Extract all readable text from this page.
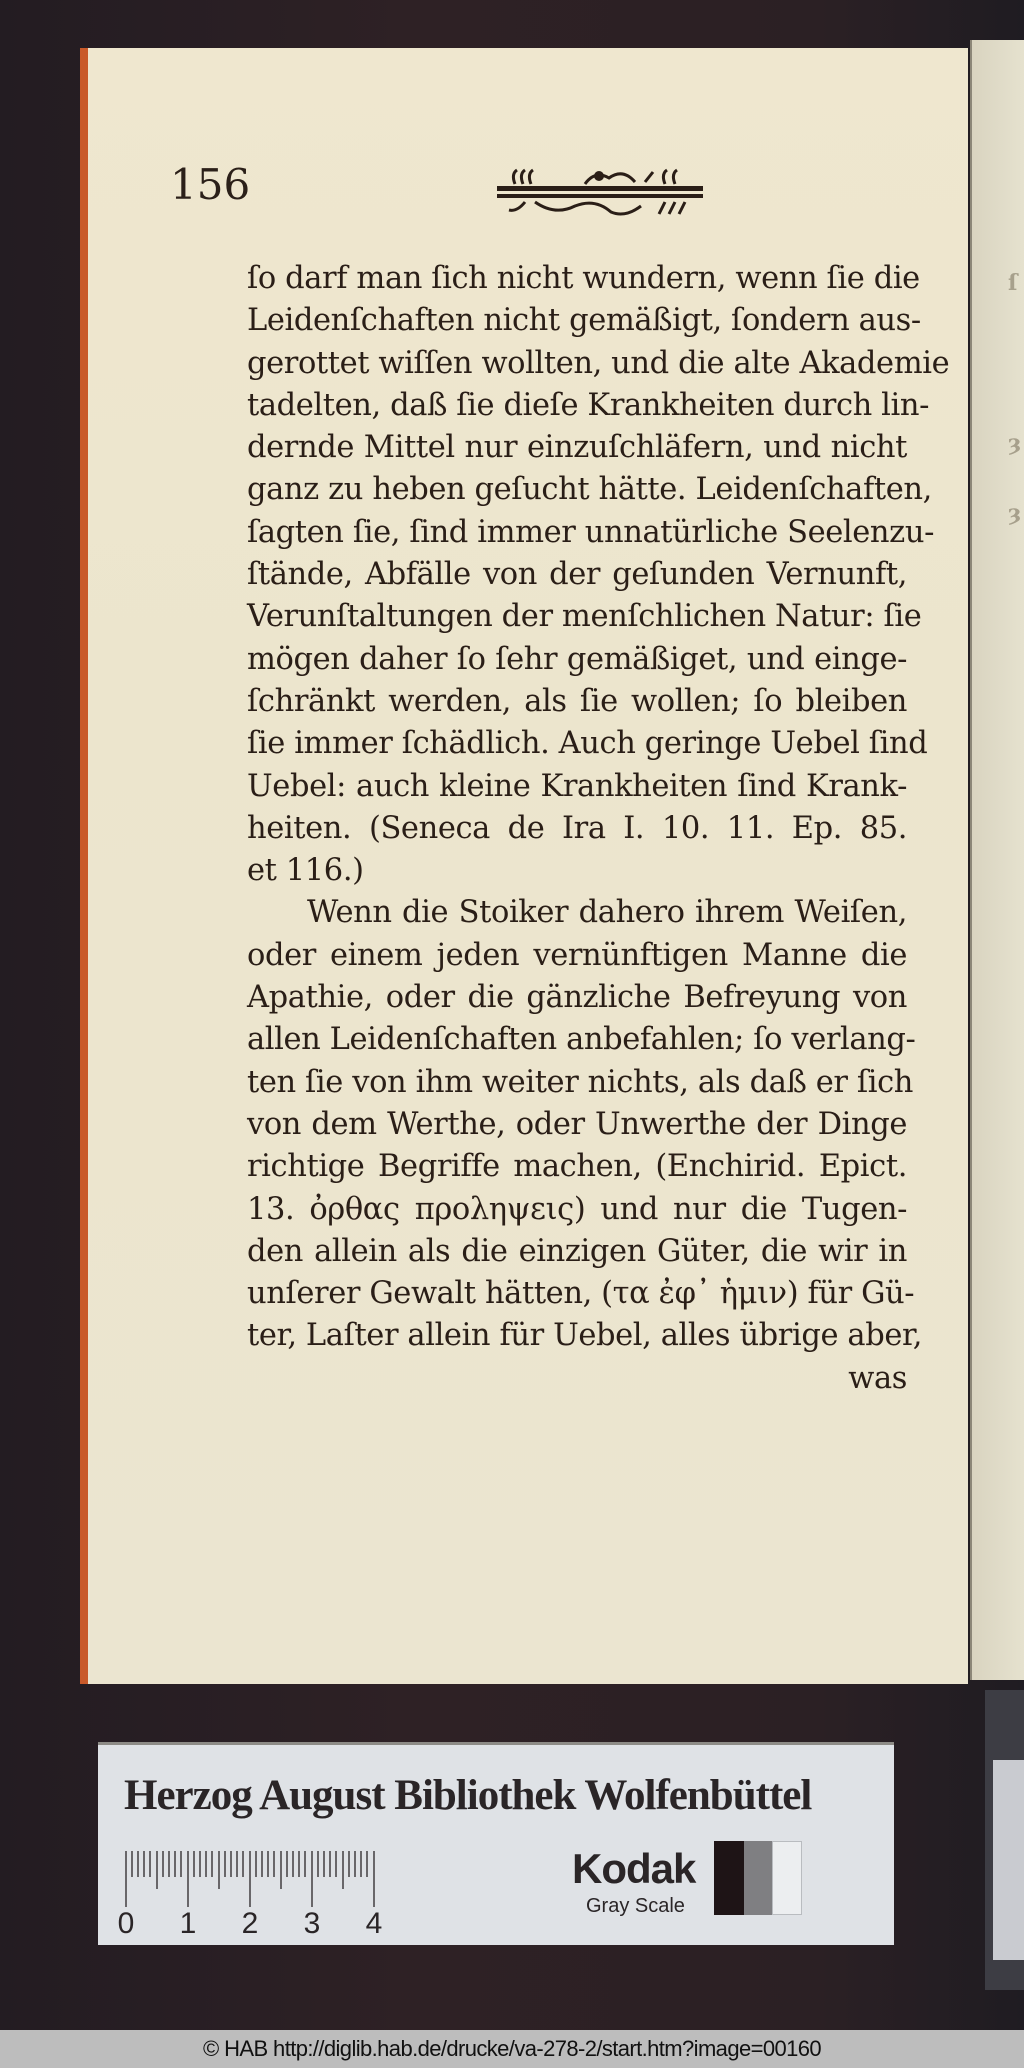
ſ
ȝ
ȝ
156
ſo darf man ſich nicht wundern, wenn ſie die
Leidenſchaften nicht gemäßigt, ſondern aus-
gerottet wiſſen wollten, und die alte Akademie
tadelten, daß ſie dieſe Krankheiten durch lin-
dernde Mittel nur einzuſchläfern, und nicht
ganz zu heben geſucht hätte. Leidenſchaften,
ſagten ſie, ſind immer unnatürliche Seelenzu-
ſtände, Abfälle von der geſunden Vernunft,
Verunſtaltungen der menſchlichen Natur: ſie
mögen daher ſo ſehr gemäßiget, und einge-
ſchränkt werden, als ſie wollen; ſo bleiben
ſie immer ſchädlich. Auch geringe Uebel ſind
Uebel: auch kleine Krankheiten ſind Krank-
heiten. (Seneca de Ira I. 10. 11. Ep. 85.
et 116.)
Wenn die Stoiker dahero ihrem Weiſen,
oder einem jeden vernünftigen Manne die
Apathie, oder die gänzliche Befreyung von
allen Leidenſchaften anbefahlen; ſo verlang-
ten ſie von ihm weiter nichts, als daß er ſich
von dem Werthe, oder Unwerthe der Dinge
richtige Begriffe machen, (Enchirid. Epict.
13. ὀρθας προληψεις) und nur die Tugen-
den allein als die einzigen Güter, die wir in
unſerer Gewalt hätten, (τα ἐφ᾽ ἡμιν) für Gü-
ter, Laſter allein für Uebel, alles übrige aber,
was
Herzog August Bibliothek Wolfenbüttel
0 1 2 3 4
Kodak
Gray Scale
© HAB http://diglib.hab.de/drucke/va-278-2/start.htm?image=00160
